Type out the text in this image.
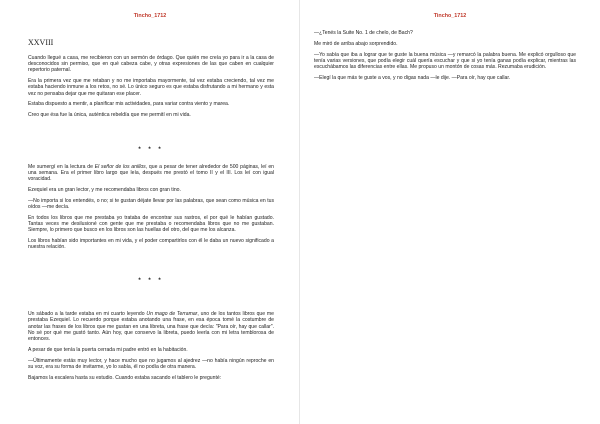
Tincho_1712
XXVIII

Cuando llegué a casa, me recibieron con un sermón de órdago. Que quién me creía yo para ir a la casa de desconocidos sin permiso, que en qué cabeza cabe, y otras expresiones de las que caben en cualquier repertorio paternal.

Era la primera vez que me retaban y no me importaba mayormente, tal vez estaba creciendo, tal vez me estaba haciendo inmune a los retos, no sé. Lo único seguro es que estaba disfrutando a mi hermano y esta vez no pensaba dejar que me quitaran ese placer.

Estaba dispuesto a mentir, a planificar mis actividades, para variar contra viento y marea.

Creo que ésa fue la única, auténtica rebeldía que me permití en mi vida.

* * *

Me sumergí en la lectura de El señor de los anillos, que a pesar de tener alrededor de 500 páginas, leí en una semana. Era el primer libro largo que leía, después me prestó el tomo II y el III. Los leí con igual voracidad.

Ezequiel era un gran lector, y me recomendaba libros con gran tino.

—No importa si los entendés, o no; si te gustan déjate llevar por las palabras, que sean como música en tus oídos —me decía.

En todos los libros que me prestaba yo trataba de encontrar sus rastros, el por qué le habían gustado. Tantas veces me desilusioné con gente que me prestaba o recomendaba libros que no me gustaban. Siempre, lo primero que busco en los libros son las huellas del otro, del que me los alcanza.

Los libros habían sido importantes en mi vida, y el poder compartirlos con él le daba un nuevo significado a nuestra relación.

* * *

Un sábado a la tarde estaba en mi cuarto leyendo Un mago de Terramar, uno de los tantos libros que me prestaba Ezequiel. Lo recuerdo porque estaba anotando una frase, en esa época tomé la costumbre de anotar las frases de los libros que me gustan en una libreta, una frase que decía: "Para oír, hay que callar". No sé por qué me gustó tanto. Aún hoy, que conservo la libreta, puedo leerla con mi letra temblorosa de entonces.

A pesar de que tenía la puerta cerrada mi padre entró en la habitación.

—Últimamente estás muy lector, y hace mucho que no jugamos al ajedrez —no había ningún reproche en su voz, era su forma de invitarme, yo lo sabía, él no podía de otra manera.

Bajamos la escalera hasta su estudio. Cuando estaba sacando el tablero le pregunté:

Tincho_1712

—¿Tenés la Suite No. 1 de chelo, de Bach?

Me miró de arriba abajo sorprendido.

—Yo sabía que iba a lograr que te guste la buena música —y remarcó la palabra buena. Me explicó orgulloso que tenía varias versiones, que podía elegir cuál quería escuchar y que si yo tenía ganas podía explicar, mientras las escuchábamos las diferencias entre ellas. Me propuso un montón de cosas más. Rezumaba erudición.

—Elegí la que más te guste a vos, y no digas nada —le dije. —Para oír, hay que callar.
